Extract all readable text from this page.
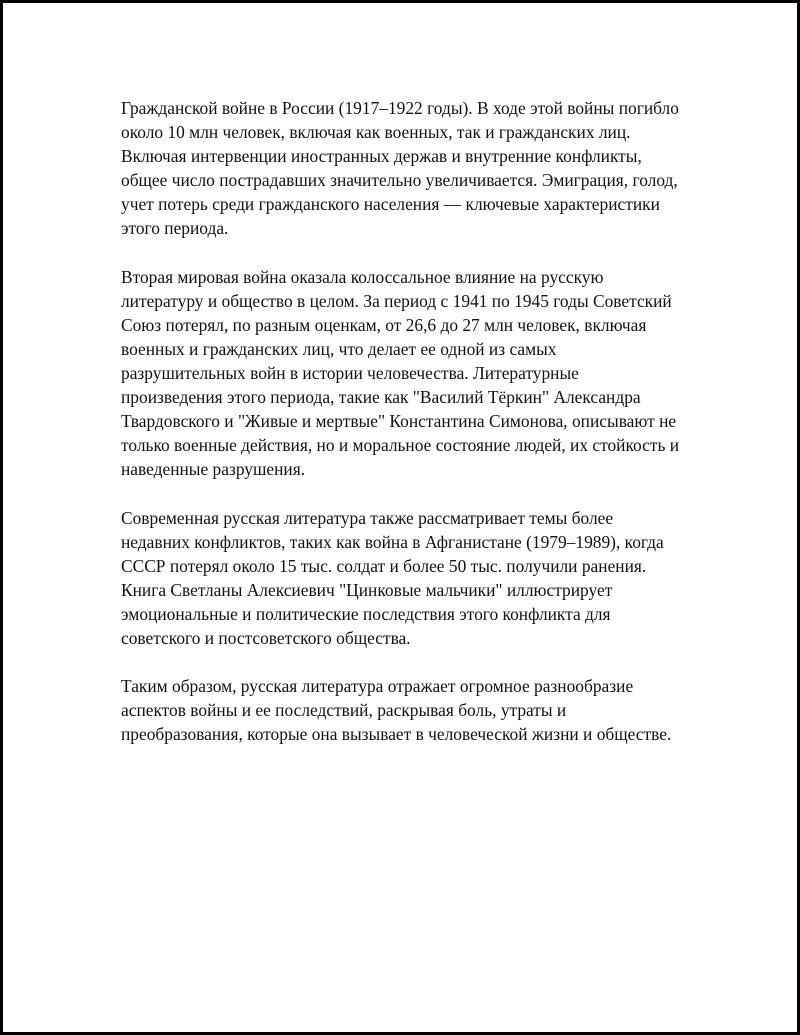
Гражданской войне в России (1917–1922 годы). В ходе этой войны погибло около 10 млн человек, включая как военных, так и гражданских лиц. Включая интервенции иностранных держав и внутренние конфликты, общее число пострадавших значительно увеличивается. Эмиграция, голод, учет потерь среди гражданского населения — ключевые характеристики этого периода.

Вторая мировая война оказала колоссальное влияние на русскую литературу и общество в целом. За период с 1941 по 1945 годы Советский Союз потерял, по разным оценкам, от 26,6 до 27 млн человек, включая военных и гражданских лиц, что делает ее одной из самых разрушительных войн в истории человечества. Литературные произведения этого периода, такие как "Василий Тёркин" Александра Твардовского и "Живые и мертвые" Константина Симонова, описывают не только военные действия, но и моральное состояние людей, их стойкость и наведенные разрушения.

Современная русская литература также рассматривает темы более недавних конфликтов, таких как война в Афганистане (1979–1989), когда СССР потерял около 15 тыс. солдат и более 50 тыс. получили ранения. Книга Светланы Алексиевич "Цинковые мальчики" иллюстрирует эмоциональные и политические последствия этого конфликта для советского и постсоветского общества.

Таким образом, русская литература отражает огромное разнообразие аспектов войны и ее последствий, раскрывая боль, утраты и преобразования, которые она вызывает в человеческой жизни и обществе.
